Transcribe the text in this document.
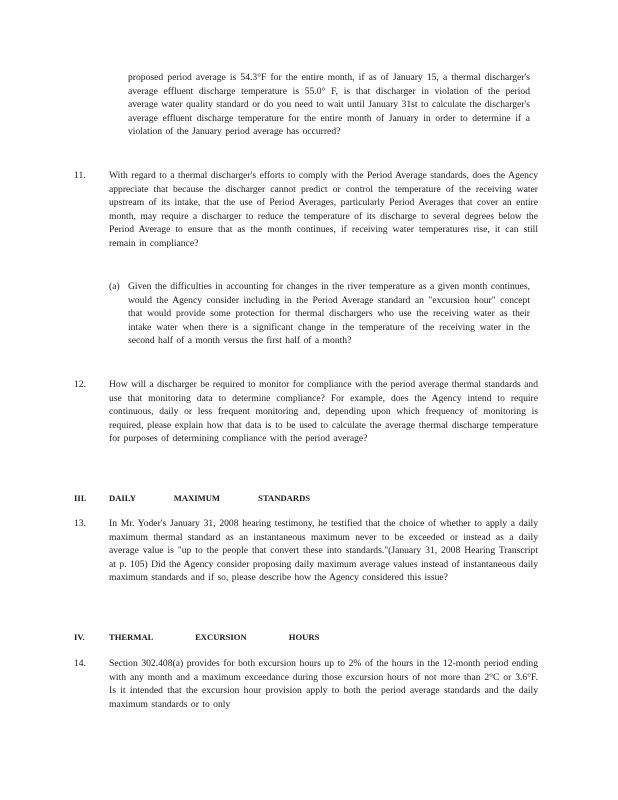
proposed period average is 54.3°F for the entire month, if as of January 15, a thermal discharger's average effluent discharge temperature is 55.0° F, is that discharger in violation of the period average water quality standard or do you need to wait until January 31st to calculate the discharger's average effluent discharge temperature for the entire month of January in order to determine if a violation of the January period average has occurred?
11. With regard to a thermal discharger's efforts to comply with the Period Average standards, does the Agency appreciate that because the discharger cannot predict or control the temperature of the receiving water upstream of its intake, that the use of Period Averages, particularly Period Averages that cover an entire month, may require a discharger to reduce the temperature of its discharge to several degrees below the Period Average to ensure that as the month continues, if receiving water temperatures rise, it can still remain in compliance?
(a) Given the difficulties in accounting for changes in the river temperature as a given month continues, would the Agency consider including in the Period Average standard an "excursion hour" concept that would provide some protection for thermal dischargers who use the receiving water as their intake water when there is a significant change in the temperature of the receiving water in the second half of a month versus the first half of a month?
12. How will a discharger be required to monitor for compliance with the period average thermal standards and use that monitoring data to determine compliance? For example, does the Agency intend to require continuous, daily or less frequent monitoring and, depending upon which frequency of monitoring is required, please explain how that data is to be used to calculate the average thermal discharge temperature for purposes of determining compliance with the period average?
III.	DAILY MAXIMUM STANDARDS
13. In Mr. Yoder's January 31, 2008 hearing testimony, he testified that the choice of whether to apply a daily maximum thermal standard as an instantaneous maximum never to be exceeded or instead as a daily average value is "up to the people that convert these into standards."(January 31, 2008 Hearing Transcript at p. 105) Did the Agency consider proposing daily maximum average values instead of instantaneous daily maximum standards and if so, please describe how the Agency considered this issue?
IV.	THERMAL EXCURSION HOURS
14. Section 302.408(a) provides for both excursion hours up to 2% of the hours in the 12-month period ending with any month and a maximum exceedance during those excursion hours of not more than 2°C or 3.6°F. Is it intended that the excursion hour provision apply to both the period average standards and the daily maximum standards or to only
